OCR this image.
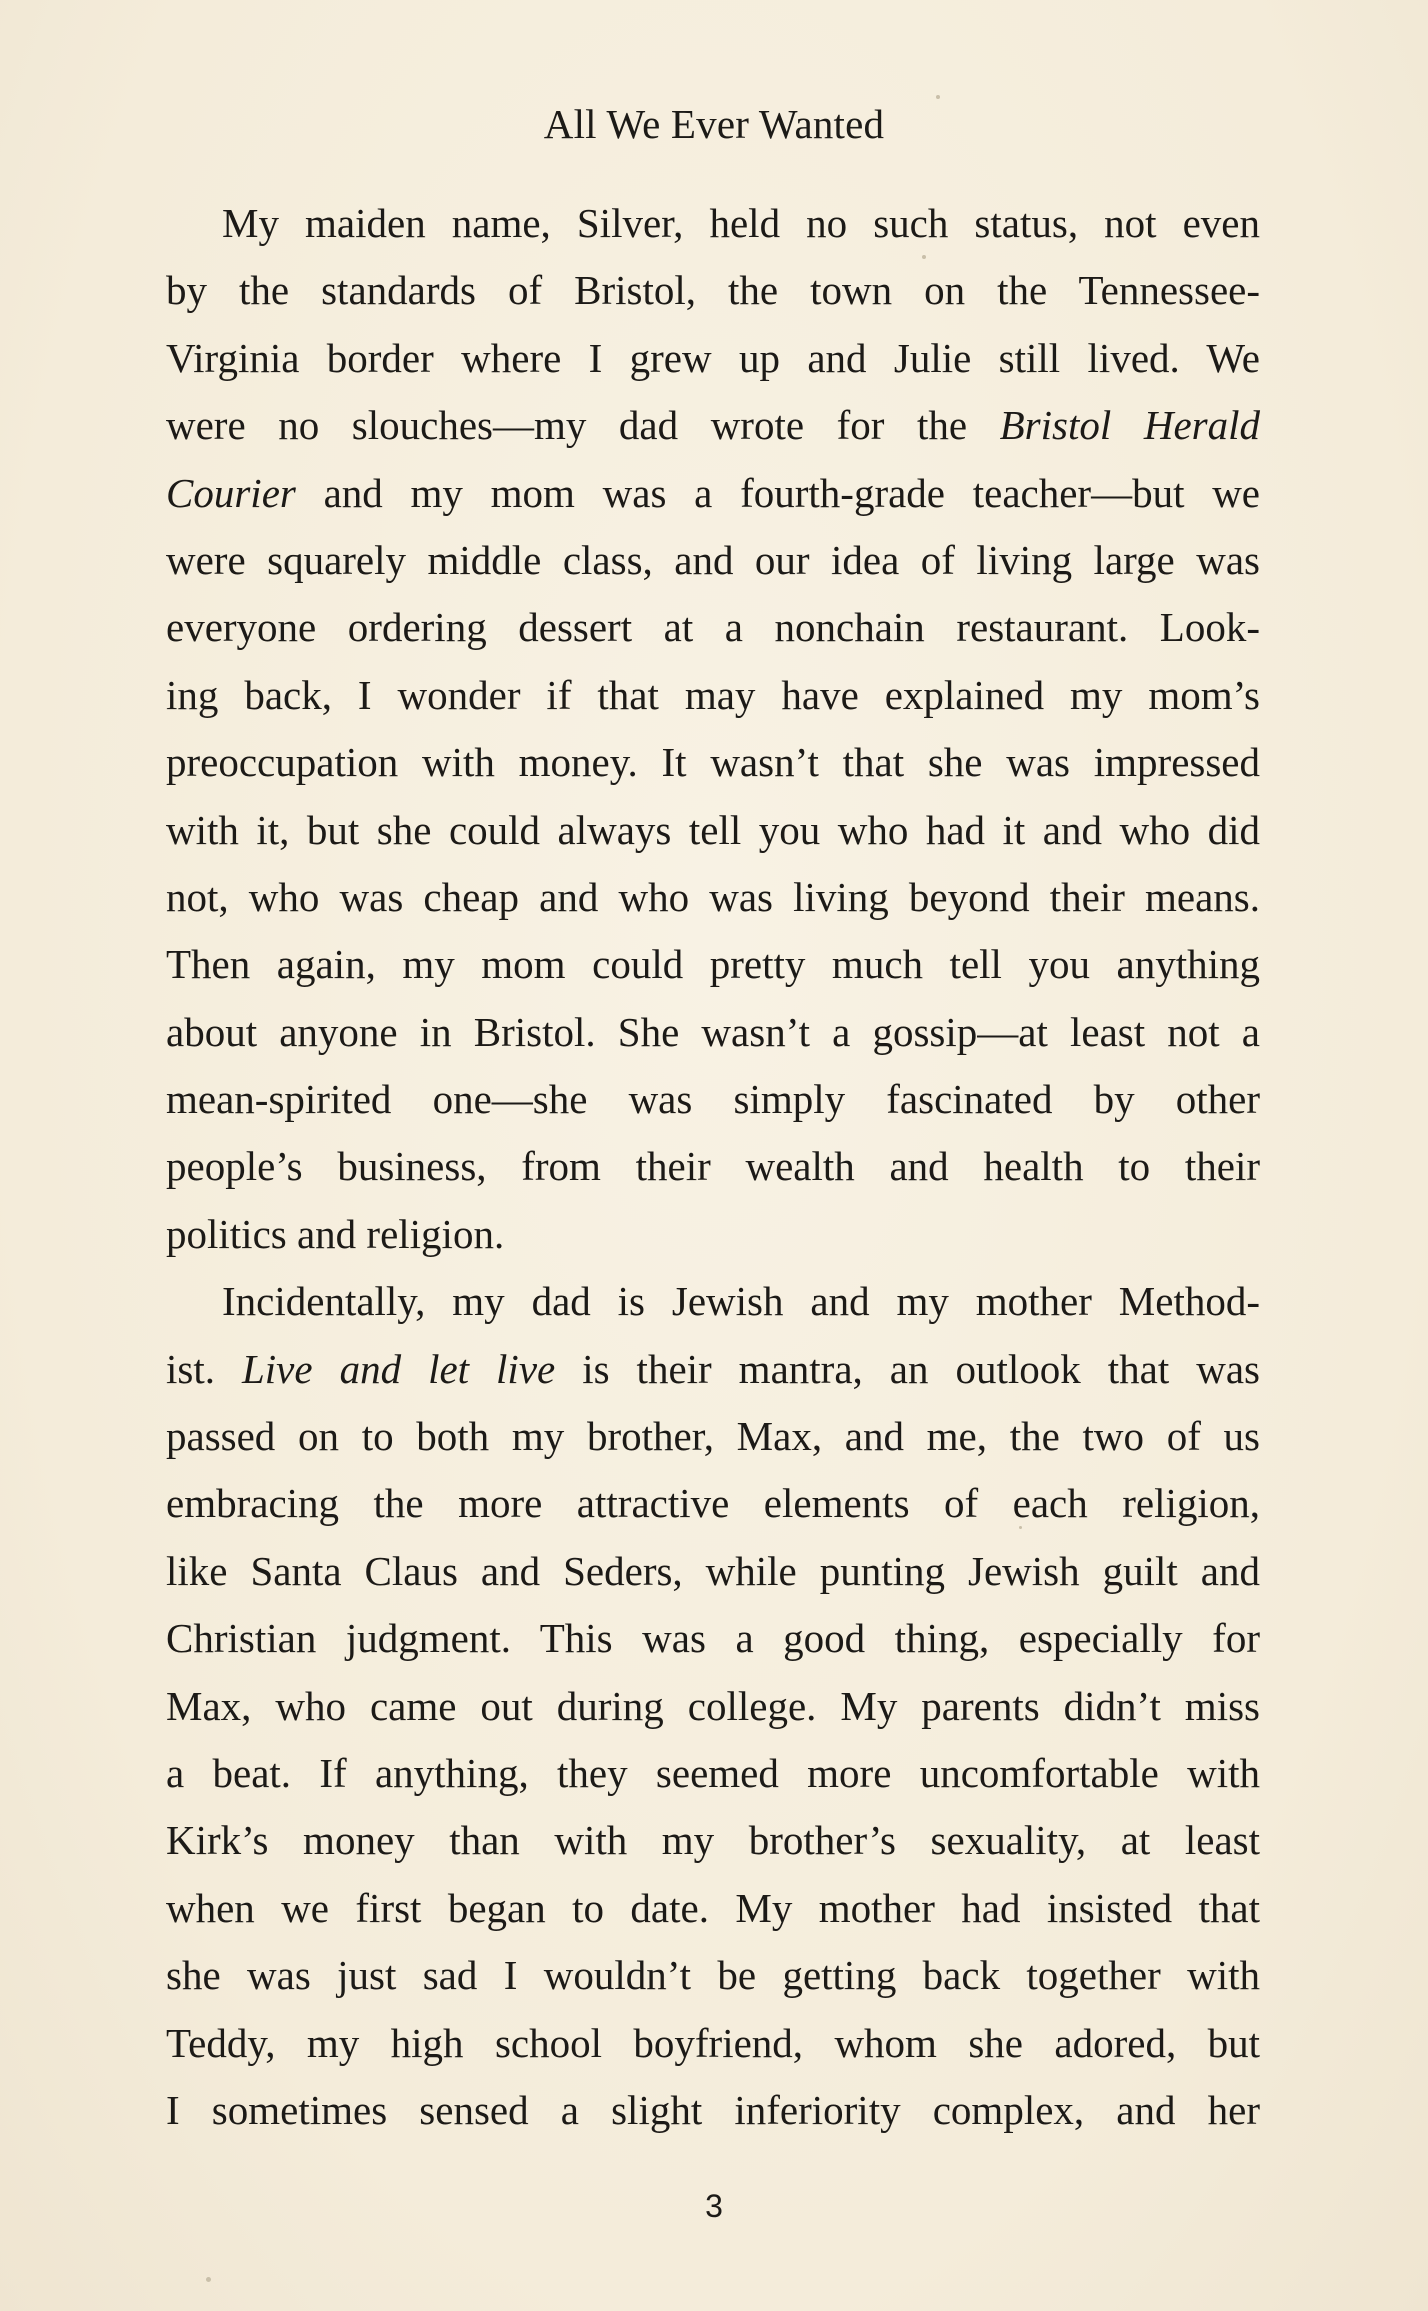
All We Ever Wanted
My maiden name, Silver, held no such status, not even
by the standards of Bristol, the town on the Tennessee-
Virginia border where I grew up and Julie still lived. We
were no slouches—my dad wrote for the Bristol Herald
Courier and my mom was a fourth-grade teacher—but we
were squarely middle class, and our idea of living large was
everyone ordering dessert at a nonchain restaurant. Look-
ing back, I wonder if that may have explained my mom’s
preoccupation with money. It wasn’t that she was impressed
with it, but she could always tell you who had it and who did
not, who was cheap and who was living beyond their means.
Then again, my mom could pretty much tell you anything
about anyone in Bristol. She wasn’t a gossip—at least not a
mean-spirited one—she was simply fascinated by other
people’s business, from their wealth and health to their
politics and religion.
Incidentally, my dad is Jewish and my mother Method-
ist. Live and let live is their mantra, an outlook that was
passed on to both my brother, Max, and me, the two of us
embracing the more attractive elements of each religion,
like Santa Claus and Seders, while punting Jewish guilt and
Christian judgment. This was a good thing, especially for
Max, who came out during college. My parents didn’t miss
a beat. If anything, they seemed more uncomfortable with
Kirk’s money than with my brother’s sexuality, at least
when we first began to date. My mother had insisted that
she was just sad I wouldn’t be getting back together with
Teddy, my high school boyfriend, whom she adored, but
I sometimes sensed a slight inferiority complex, and her
3
